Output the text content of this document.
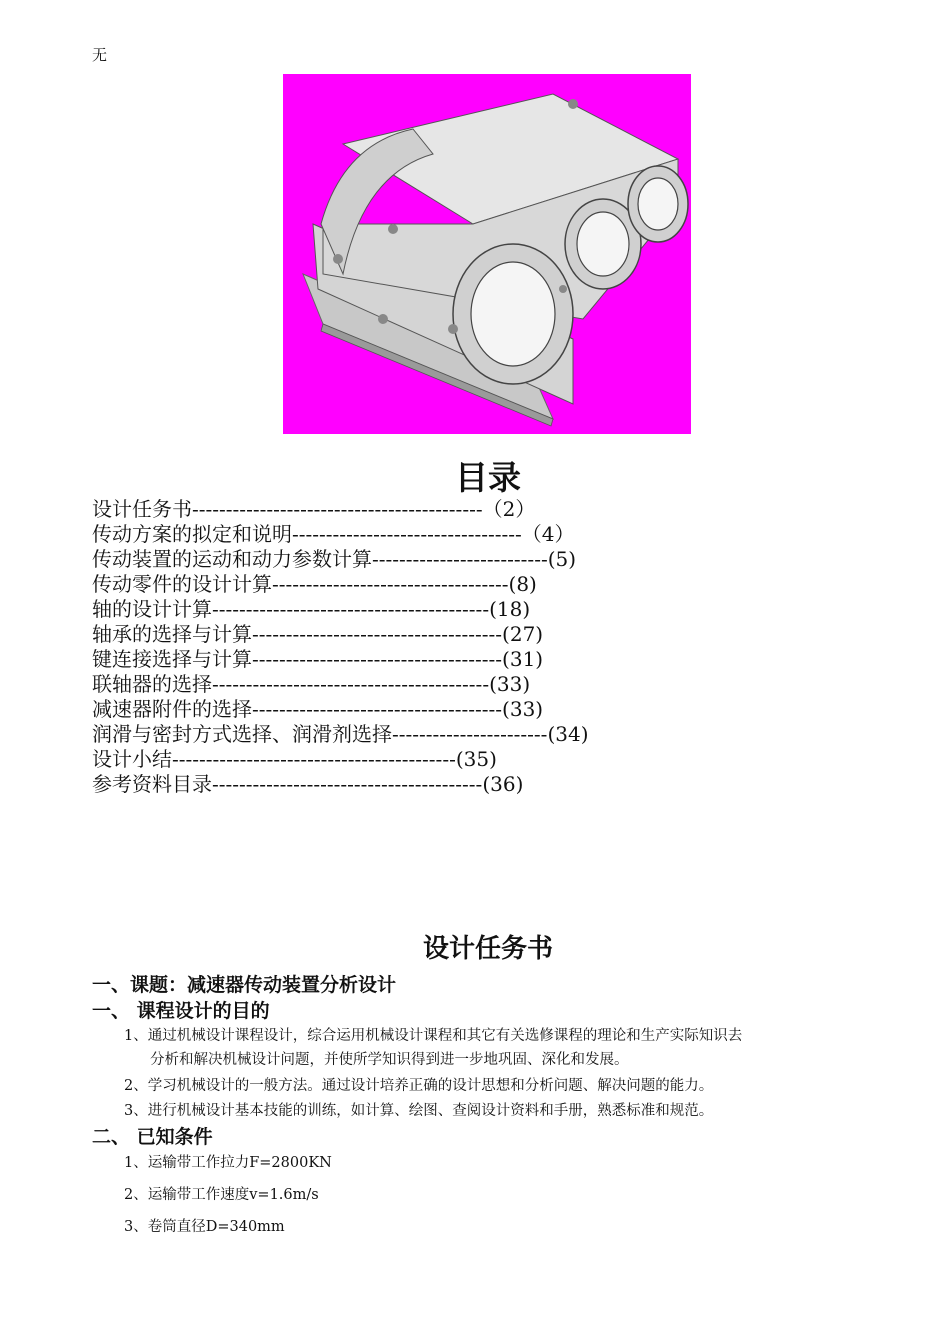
无
目录
设计任务书-------------------------------------------（2）
传动方案的拟定和说明----------------------------------（4）
传动装置的运动和动力参数计算--------------------------(5)
传动零件的设计计算-----------------------------------(8)
轴的设计计算-----------------------------------------(18)
轴承的选择与计算-------------------------------------(27)
键连接选择与计算-------------------------------------(31)
联轴器的选择-----------------------------------------(33)
减速器附件的选择-------------------------------------(33)
润滑与密封方式选择、润滑剂选择-----------------------(34)
设计小结------------------------------------------(35)
参考资料目录----------------------------------------(36)
设计任务书
一、课题：减速器传动装置分析设计
一、 课程设计的目的
1、通过机械设计课程设计，综合运用机械设计课程和其它有关选修课程的理论和生产实际知识去
分析和解决机械设计问题，并使所学知识得到进一步地巩固、深化和发展。
2、学习机械设计的一般方法。通过设计培养正确的设计思想和分析问题、解决问题的能力。
3、进行机械设计基本技能的训练，如计算、绘图、查阅设计资料和手册，熟悉标准和规范。
二、 已知条件
1、运输带工作拉力F=2800KN
2、运输带工作速度v=1.6m/s
3、卷筒直径D=340mm
